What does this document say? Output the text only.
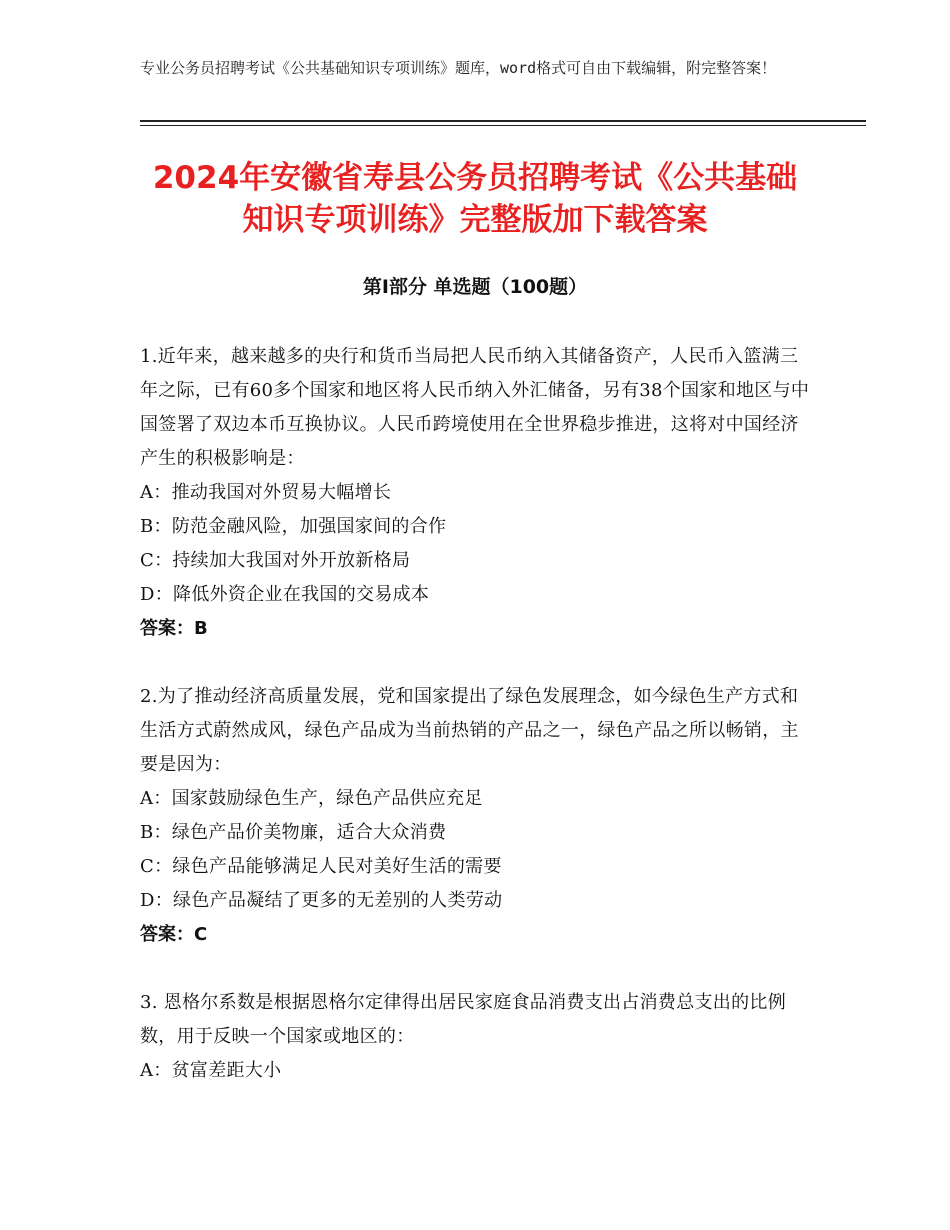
专业公务员招聘考试《公共基础知识专项训练》题库，word格式可自由下载编辑，附完整答案！
2024年安徽省寿县公务员招聘考试《公共基础知识专项训练》完整版加下载答案
第Ⅰ部分 单选题（100题）
1.近年来，越来越多的央行和货币当局把人民币纳入其储备资产，人民币入篮满三年之际，已有60多个国家和地区将人民币纳入外汇储备，另有38个国家和地区与中国签署了双边本币互换协议。人民币跨境使用在全世界稳步推进，这将对中国经济产生的积极影响是：
A：推动我国对外贸易大幅增长
B：防范金融风险，加强国家间的合作
C：持续加大我国对外开放新格局
D：降低外资企业在我国的交易成本
答案：B
2.为了推动经济高质量发展，党和国家提出了绿色发展理念，如今绿色生产方式和生活方式蔚然成风，绿色产品成为当前热销的产品之一，绿色产品之所以畅销，主要是因为：
A：国家鼓励绿色生产，绿色产品供应充足
B：绿色产品价美物廉，适合大众消费
C：绿色产品能够满足人民对美好生活的需要
D：绿色产品凝结了更多的无差别的人类劳动
答案：C
3. 恩格尔系数是根据恩格尔定律得出居民家庭食品消费支出占消费总支出的比例数，用于反映一个国家或地区的：
A：贫富差距大小
